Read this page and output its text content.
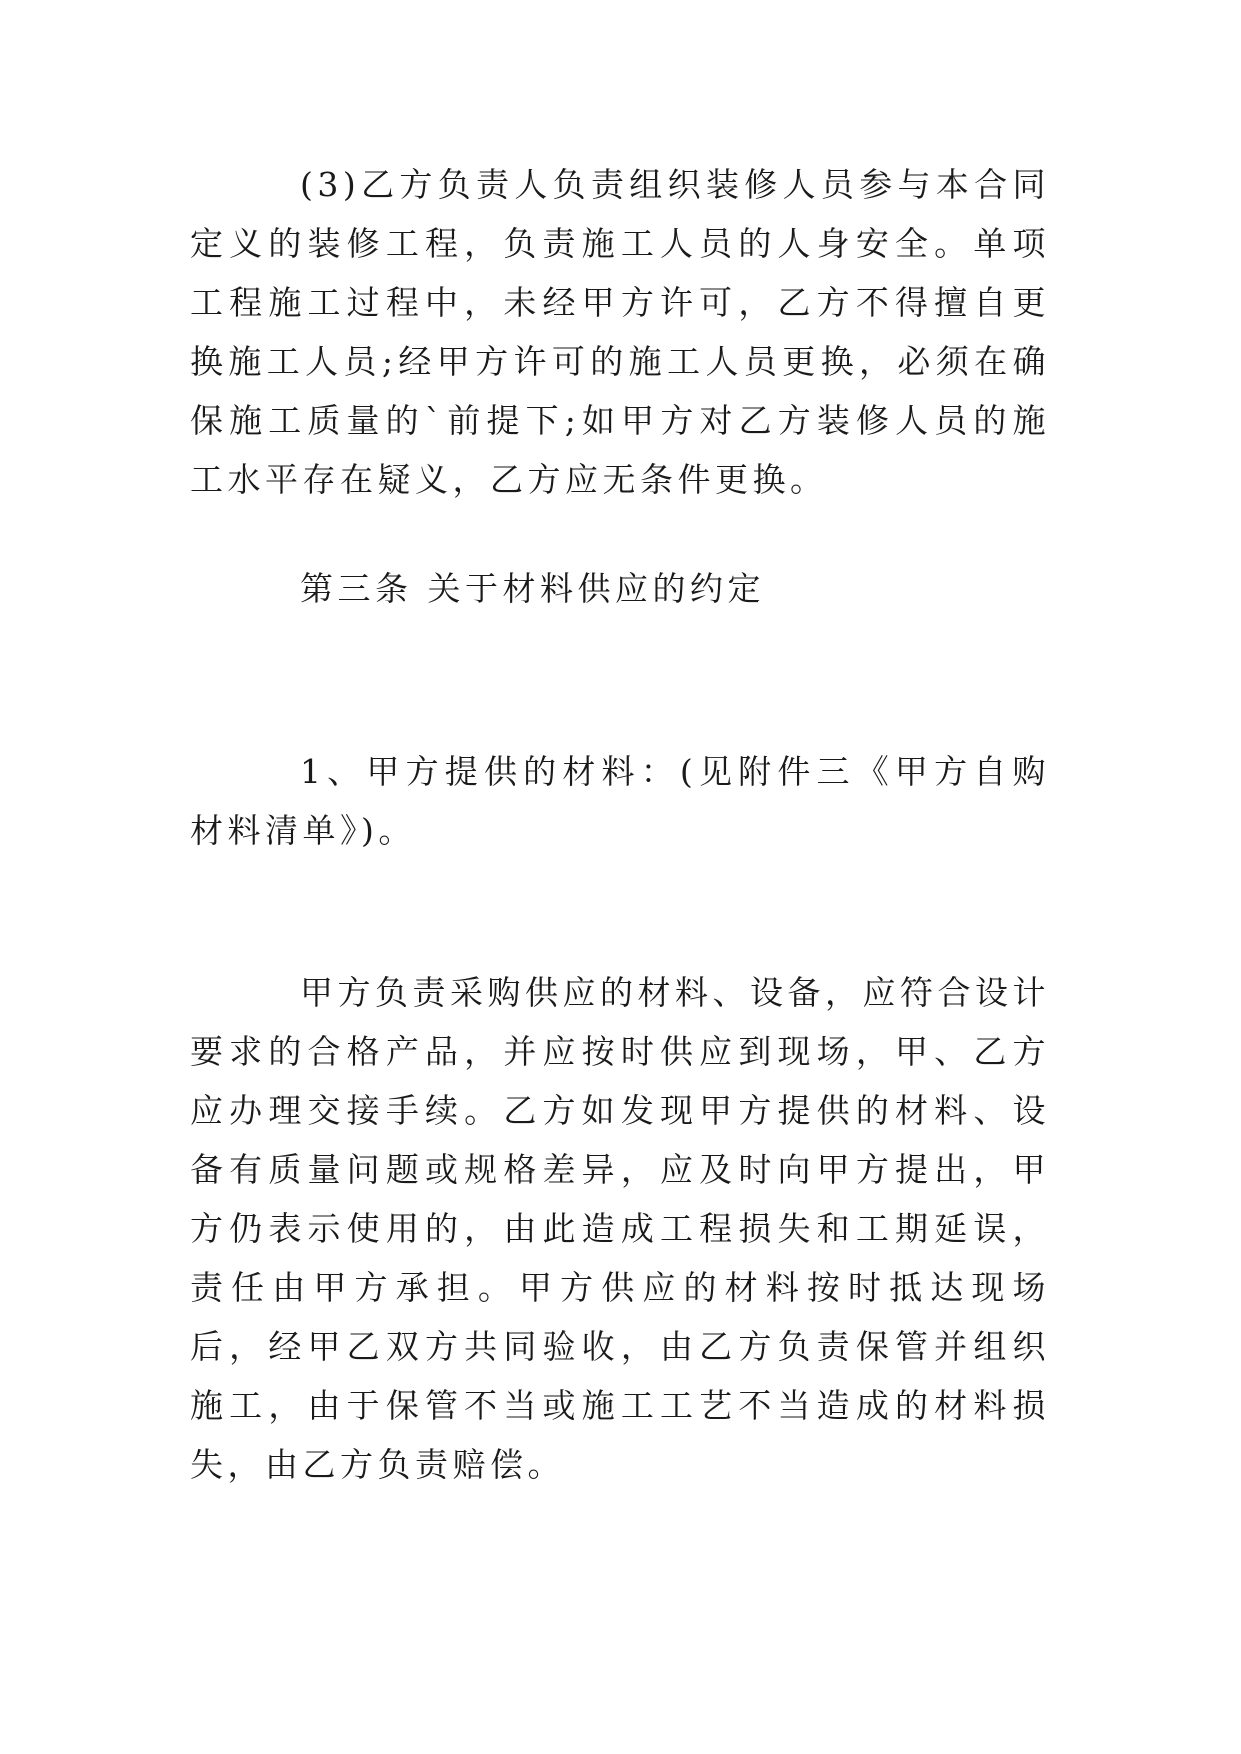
(3)乙方负责人负责组织装修人员参与本合同定义的装修工程，负责施工人员的人身安全。单项工程施工过程中，未经甲方许可，乙方不得擅自更换施工人员;经甲方许可的施工人员更换，必须在确保施工质量的`前提下;如甲方对乙方装修人员的施工水平存在疑义，乙方应无条件更换。

第三条 关于材料供应的约定

1、甲方提供的材料：(见附件三《甲方自购材料清单》)。

甲方负责采购供应的材料、设备，应符合设计要求的合格产品，并应按时供应到现场，甲、乙方应办理交接手续。乙方如发现甲方提供的材料、设备有质量问题或规格差异，应及时向甲方提出，甲方仍表示使用的，由此造成工程损失和工期延误，责任由甲方承担。甲方供应的材料按时抵达现场后，经甲乙双方共同验收，由乙方负责保管并组织施工，由于保管不当或施工工艺不当造成的材料损失，由乙方负责赔偿。
